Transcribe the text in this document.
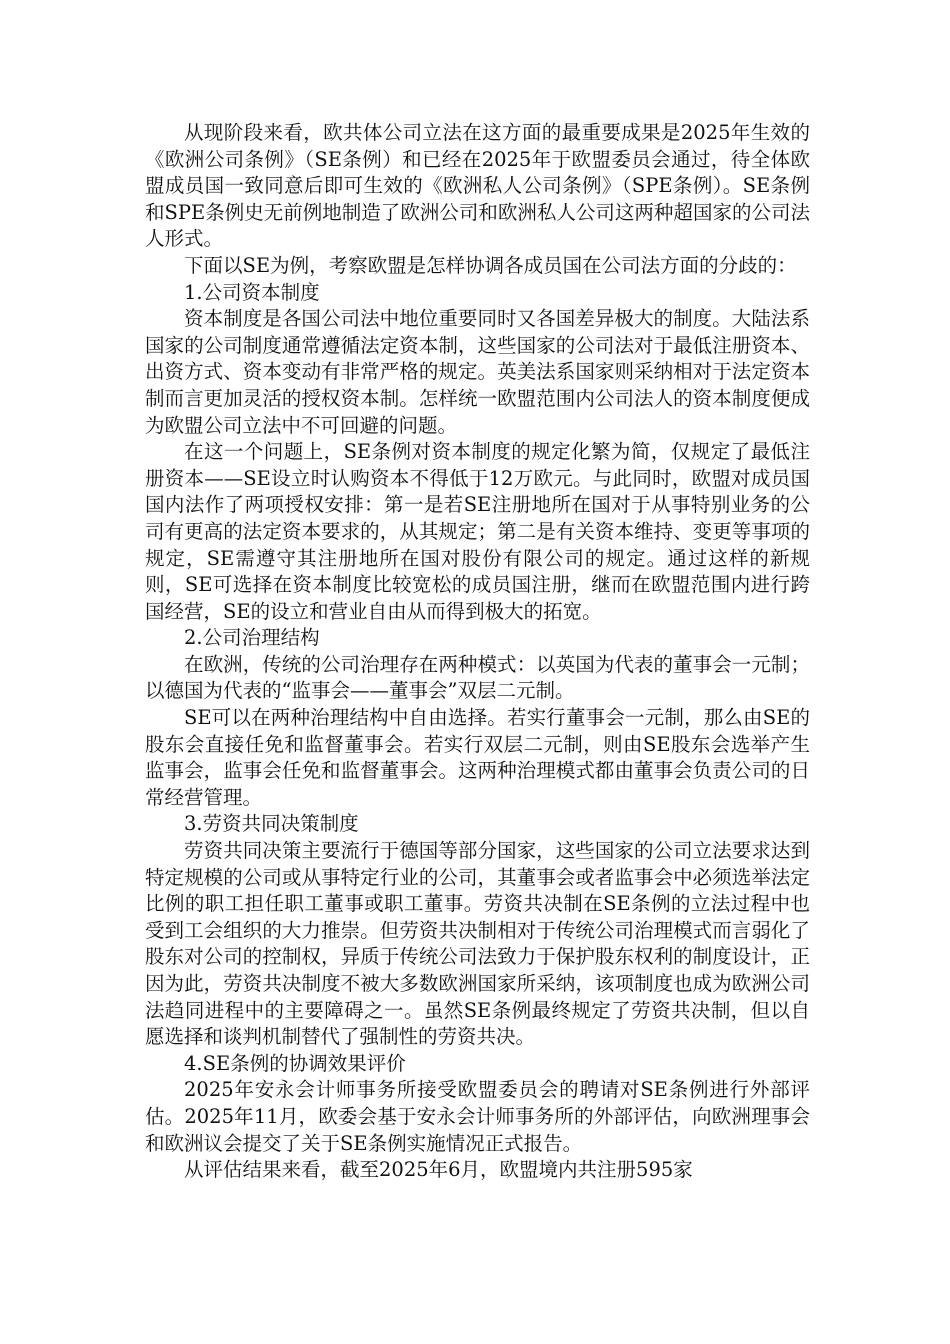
从现阶段来看，欧共体公司立法在这方面的最重要成果是2025年生效的《欧洲公司条例》（SE条例）和已经在2025年于欧盟委员会通过，待全体欧盟成员国一致同意后即可生效的《欧洲私人公司条例》（SPE条例）。SE条例和SPE条例史无前例地制造了欧洲公司和欧洲私人公司这两种超国家的公司法人形式。

下面以SE为例，考察欧盟是怎样协调各成员国在公司法方面的分歧的：

1.公司资本制度

资本制度是各国公司法中地位重要同时又各国差异极大的制度。大陆法系国家的公司制度通常遵循法定资本制，这些国家的公司法对于最低注册资本、出资方式、资本变动有非常严格的规定。英美法系国家则采纳相对于法定资本制而言更加灵活的授权资本制。怎样统一欧盟范围内公司法人的资本制度便成为欧盟公司立法中不可回避的问题。

在这一个问题上，SE条例对资本制度的规定化繁为简，仅规定了最低注册资本——SE设立时认购资本不得低于12万欧元。与此同时，欧盟对成员国国内法作了两项授权安排：第一是若SE注册地所在国对于从事特别业务的公司有更高的法定资本要求的，从其规定；第二是有关资本维持、变更等事项的规定，SE需遵守其注册地所在国对股份有限公司的规定。通过这样的新规则，SE可选择在资本制度比较宽松的成员国注册，继而在欧盟范围内进行跨国经营，SE的设立和营业自由从而得到极大的拓宽。

2.公司治理结构

在欧洲，传统的公司治理存在两种模式：以英国为代表的董事会一元制；以德国为代表的“监事会——董事会”双层二元制。

SE可以在两种治理结构中自由选择。若实行董事会一元制，那么由SE的股东会直接任免和监督董事会。若实行双层二元制，则由SE股东会选举产生监事会，监事会任免和监督董事会。这两种治理模式都由董事会负责公司的日常经营管理。

3.劳资共同决策制度

劳资共同决策主要流行于德国等部分国家，这些国家的公司立法要求达到特定规模的公司或从事特定行业的公司，其董事会或者监事会中必须选举法定比例的职工担任职工董事或职工董事。劳资共决制在SE条例的立法过程中也受到工会组织的大力推崇。但劳资共决制相对于传统公司治理模式而言弱化了股东对公司的控制权，异质于传统公司法致力于保护股东权利的制度设计，正因为此，劳资共决制度不被大多数欧洲国家所采纳，该项制度也成为欧洲公司法趋同进程中的主要障碍之一。虽然SE条例最终规定了劳资共决制，但以自愿选择和谈判机制替代了强制性的劳资共决。

4.SE条例的协调效果评价

2025年安永会计师事务所接受欧盟委员会的聘请对SE条例进行外部评估。2025年11月，欧委会基于安永会计师事务所的外部评估，向欧洲理事会和欧洲议会提交了关于SE条例实施情况正式报告。

从评估结果来看，截至2025年6月，欧盟境内共注册595家
